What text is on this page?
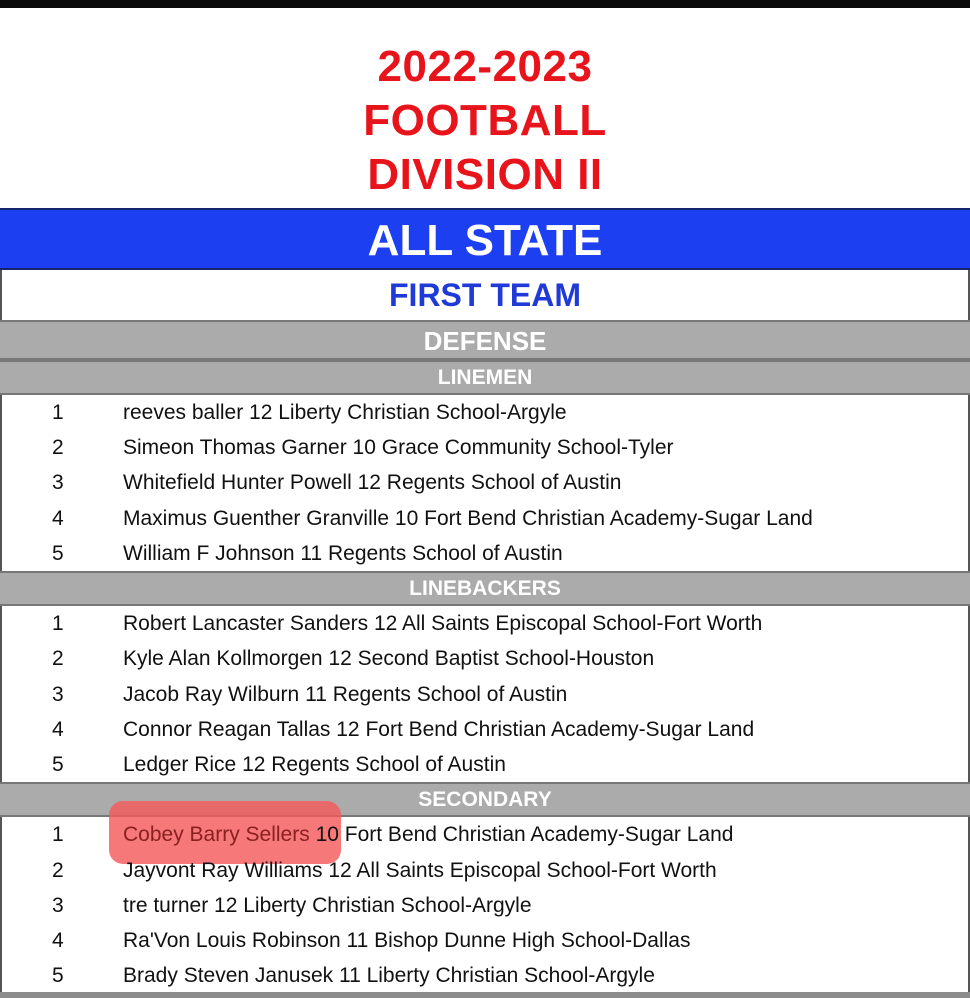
2022-2023
FOOTBALL
DIVISION II
ALL STATE
FIRST TEAM
DEFENSE
LINEMEN
1	reeves baller 12 Liberty Christian School-Argyle
2	Simeon Thomas Garner 10 Grace Community School-Tyler
3	Whitefield Hunter Powell 12 Regents School of Austin
4	Maximus Guenther Granville 10 Fort Bend Christian Academy-Sugar Land
5	William F Johnson 11 Regents School of Austin
LINEBACKERS
1	Robert Lancaster Sanders 12 All Saints Episcopal School-Fort Worth
2	Kyle Alan Kollmorgen 12 Second Baptist School-Houston
3	Jacob Ray Wilburn 11 Regents School of Austin
4	Connor Reagan Tallas 12 Fort Bend Christian Academy-Sugar Land
5	Ledger Rice 12 Regents School of Austin
SECONDARY
1	Cobey Barry Sellers 10 Fort Bend Christian Academy-Sugar Land
2	Jayvont Ray Williams 12 All Saints Episcopal School-Fort Worth
3	tre turner 12 Liberty Christian School-Argyle
4	Ra'Von Louis Robinson 11 Bishop Dunne High School-Dallas
5	Brady Steven Janusek 11 Liberty Christian School-Argyle
